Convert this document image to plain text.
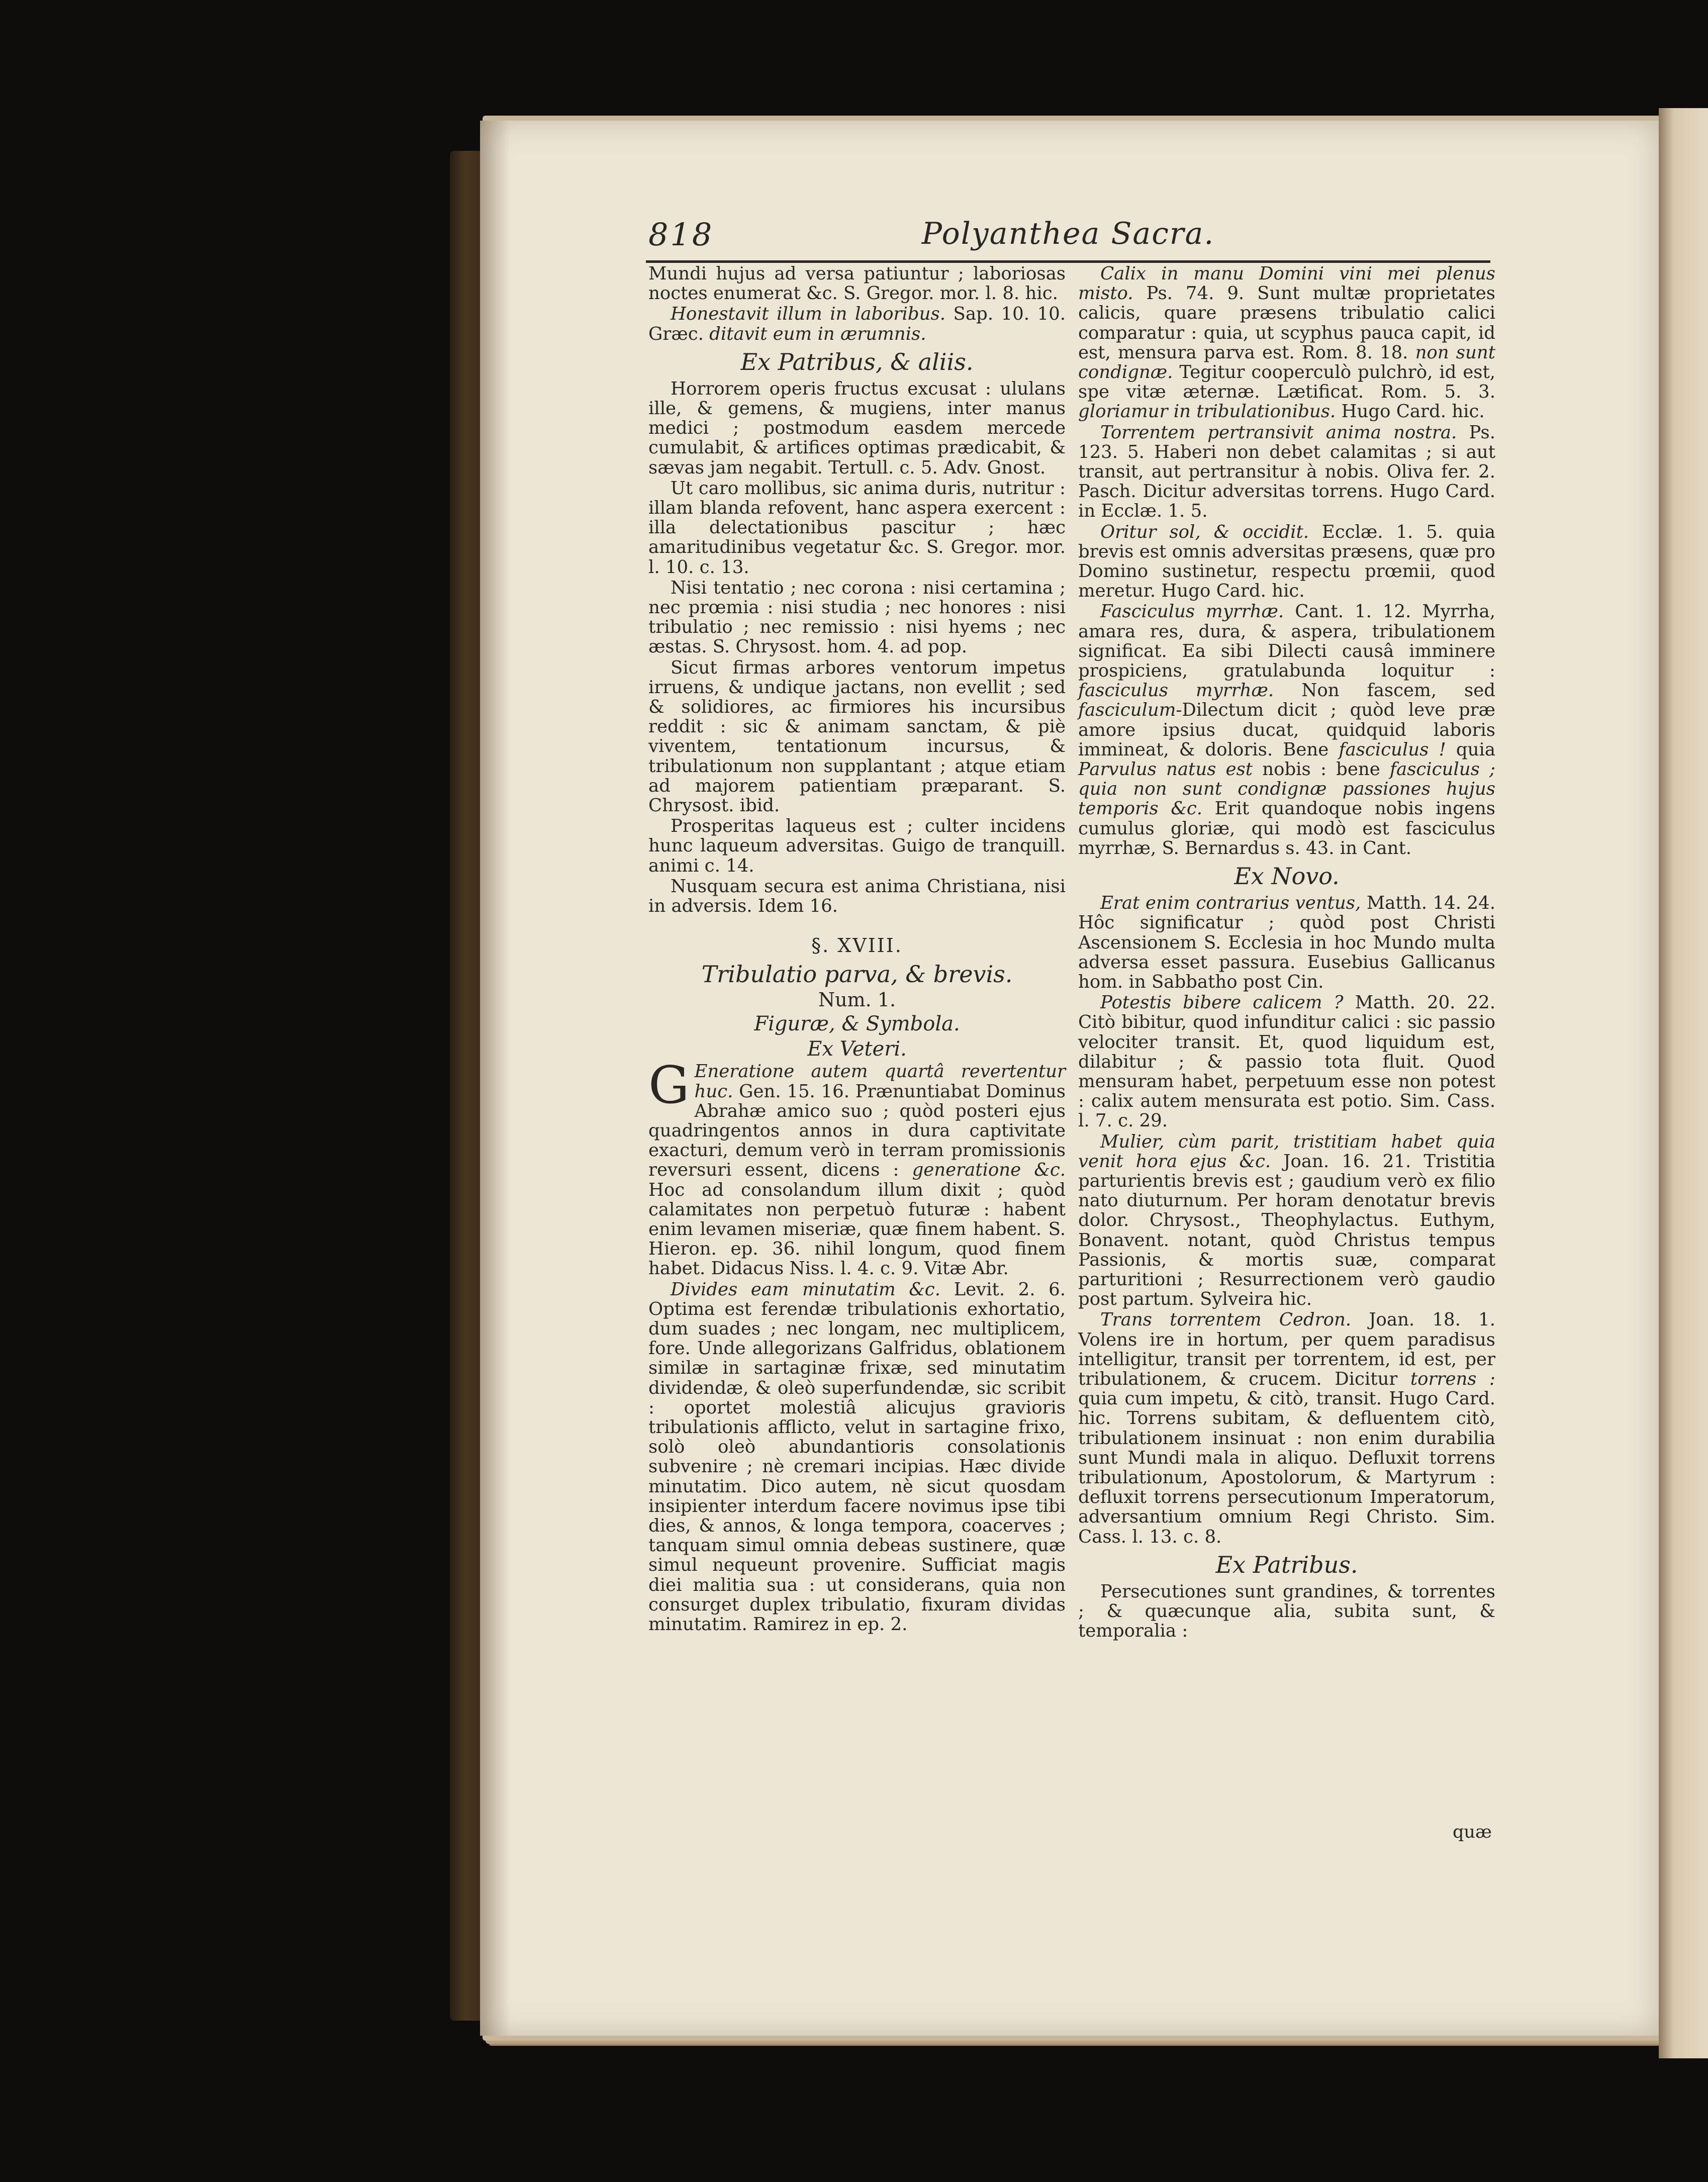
818	Polyanthea Sacra.

Mundi hujus ad versa patiuntur ; laboriosas noctes enumerat &c. S. Gregor. mor. l. 8. hic.

Honestavit illum in laboribus. Sap. 10. 10. Græc. ditavit eum in ærumnis.

Ex Patribus, & aliis.

Horrorem operis fructus excusat : ululans ille, & gemens, & mugiens, inter manus medici ; postmodum easdem mercede cumulabit, & artifices optimas prædicabit, & sævas jam negabit. Tertull. c. 5. Adv. Gnost.

Ut caro mollibus, sic anima duris, nutritur : illam blanda refovent, hanc aspera exercent : illa delectationibus pascitur ; hæc amaritudinibus vegetatur &c. S. Gregor. mor. l. 10. c. 13.

Nisi tentatio ; nec corona : nisi certamina ; nec prœmia : nisi studia ; nec honores : nisi tribulatio ; nec remissio : nisi hyems ; nec æstas. S. Chrysost. hom. 4. ad pop.

Sicut firmas arbores ventorum impetus irruens, & undique jactans, non evellit ; sed & solidiores, ac firmiores his incursibus reddit : sic & animam sanctam, & piè viventem, tentationum incursus, & tribulationum non supplantant ; atque etiam ad majorem patientiam præparant. S. Chrysost. ibid.

Prosperitas laqueus est ; culter incidens hunc laqueum adversitas. Guigo de tranquill. animi c. 14.

Nusquam secura est anima Christiana, nisi in adversis. Idem 16.

§. XVIII.
Tribulatio parva, & brevis.
Num. 1.
Figuræ, & Symbola.
Ex Veteri.

G Eneratione autem quartâ revertentur huc. Gen. 15. 16. Prænuntiabat Dominus Abrahæ amico suo ; quòd posteri ejus quadringentos annos in dura captivitate exacturi, demum verò in terram promissionis reversuri essent, dicens : generatione &c. Hoc ad consolandum illum dixit ; quòd calamitates non perpetuò futuræ : habent enim levamen miseriæ, quæ finem habent. S. Hieron. ep. 36. nihil longum, quod finem habet. Didacus Niss. l. 4. c. 9. Vitæ Abr.

Divides eam minutatim &c. Levit. 2. 6. Optima est ferendæ tribulationis exhortatio, dum suades ; nec longam, nec multiplicem, fore. Unde allegorizans Galfridus, oblationem similæ in sartaginæ frixæ, sed minutatim dividendæ, & oleò superfundendæ, sic scribit : oportet molestiâ alicujus gravioris tribulationis afflicto, velut in sartagine frixo, solò oleò abundantioris consolationis subvenire ; nè cremari incipias. Hæc divide minutatim. Dico autem, nè sicut quosdam insipienter interdum facere novimus ipse tibi dies, & annos, & longa tempora, coacerves ; tanquam simul omnia debeas sustinere, quæ simul nequeunt provenire. Sufficiat magis diei malitia sua : ut considerans, quia non consurget duplex tribulatio, fixuram dividas minutatim. Ramirez in ep. 2.

Calix in manu Domini vini mei plenus misto. Ps. 74. 9. Sunt multæ proprietates calicis, quare præsens tribulatio calici comparatur : quia, ut scyphus pauca capit, id est, mensura parva est. Rom. 8. 18. non sunt condignæ. Tegitur cooperculò pulchrò, id est, spe vitæ æternæ. Lætificat. Rom. 5. 3. gloriamur in tribulationibus. Hugo Card. hic.

Torrentem pertransivit anima nostra. Ps. 123. 5. Haberi non debet calamitas ; si aut transit, aut pertransitur à nobis. Oliva fer. 2. Pasch. Dicitur adversitas torrens. Hugo Card. in Ecclæ. 1. 5.

Oritur sol, & occidit. Ecclæ. 1. 5. quia brevis est omnis adversitas præsens, quæ pro Domino sustinetur, respectu prœmii, quod meretur. Hugo Card. hic.

Fasciculus myrrhæ. Cant. 1. 12. Myrrha, amara res, dura, & aspera, tribulationem significat. Ea sibi Dilecti causâ imminere prospiciens, gratulabunda loquitur : fasciculus myrrhæ. Non fascem, sed fasciculum-Dilectum dicit ; quòd leve præ amore ipsius ducat, quidquid laboris immineat, & doloris. Bene fasciculus ! quia Parvulus natus est nobis : bene fasciculus ; quia non sunt condignæ passiones hujus temporis &c. Erit quandoque nobis ingens cumulus gloriæ, qui modò est fasciculus myrrhæ, S. Bernardus s. 43. in Cant.

Ex Novo.

Erat enim contrarius ventus, Matth. 14. 24. Hôc significatur ; quòd post Christi Ascensionem S. Ecclesia in hoc Mundo multa adversa esset passura. Eusebius Gallicanus hom. in Sabbatho post Cin.

Potestis bibere calicem ? Matth. 20. 22. Citò bibitur, quod infunditur calici : sic passio velociter transit. Et, quod liquidum est, dilabitur ; & passio tota fluit. Quod mensuram habet, perpetuum esse non potest : calix autem mensurata est potio. Sim. Cass. l. 7. c. 29.

Mulier, cùm parit, tristitiam habet quia venit hora ejus &c. Joan. 16. 21. Tristitia parturientis brevis est ; gaudium verò ex filio nato diuturnum. Per horam denotatur brevis dolor. Chrysost., Theophylactus. Euthym, Bonavent. notant, quòd Christus tempus Passionis, & mortis suæ, comparat parturitioni ; Resurrectionem verò gaudio post partum. Sylveira hic.

Trans torrentem Cedron. Joan. 18. 1. Volens ire in hortum, per quem paradisus intelligitur, transit per torrentem, id est, per tribulationem, & crucem. Dicitur torrens : quia cum impetu, & citò, transit. Hugo Card. hic. Torrens subitam, & defluentem citò, tribulationem insinuat : non enim durabilia sunt Mundi mala in aliquo. Defluxit torrens tribulationum, Apostolorum, & Martyrum : defluxit torrens persecutionum Imperatorum, adversantium omnium Regi Christo. Sim. Cass. l. 13. c. 8.

Ex Patribus.

Persecutiones sunt grandines, & torrentes ; & quæcunque alia, subita sunt, & temporalia :

quæ
